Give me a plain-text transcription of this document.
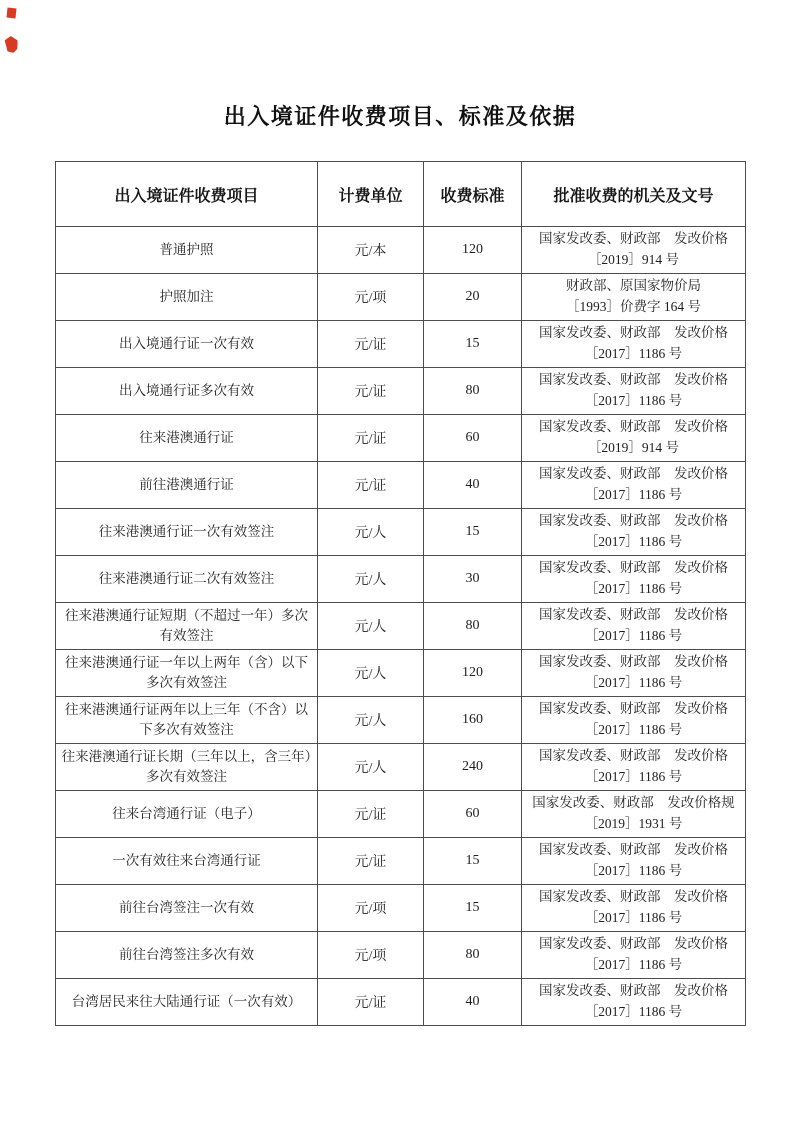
出入境证件收费项目、标准及依据
出入境证件收费项目	计费单位	收费标准	批准收费的机关及文号
普通护照	元/本	120	国家发改委、财政部　发改价格
［2019］914 号

护照加注	元/项	20	财政部、原国家物价局
［1993］价费字 164 号

出入境通行证一次有效	元/证	15	国家发改委、财政部　发改价格
［2017］1186 号

出入境通行证多次有效	元/证	80	国家发改委、财政部　发改价格
［2017］1186 号

往来港澳通行证	元/证	60	国家发改委、财政部　发改价格
［2019］914 号

前往港澳通行证	元/证	40	国家发改委、财政部　发改价格
［2017］1186 号

往来港澳通行证一次有效签注	元/人	15	国家发改委、财政部　发改价格
［2017］1186 号

往来港澳通行证二次有效签注	元/人	30	国家发改委、财政部　发改价格
［2017］1186 号

往来港澳通行证短期（不超过一年）多次有效签注	元/人	80	国家发改委、财政部　发改价格
［2017］1186 号

往来港澳通行证一年以上两年（含）以下多次有效签注	元/人	120	国家发改委、财政部　发改价格
［2017］1186 号

往来港澳通行证两年以上三年（不含）以下多次有效签注	元/人	160	国家发改委、财政部　发改价格
［2017］1186 号

往来港澳通行证长期（三年以上，含三年）多次有效签注	元/人	240	国家发改委、财政部　发改价格
［2017］1186 号

往来台湾通行证（电子）	元/证	60	国家发改委、财政部　发改价格规
［2019］1931 号

一次有效往来台湾通行证	元/证	15	国家发改委、财政部　发改价格
［2017］1186 号

前往台湾签注一次有效	元/项	15	国家发改委、财政部　发改价格
［2017］1186 号

前往台湾签注多次有效	元/项	80	国家发改委、财政部　发改价格
［2017］1186 号

台湾居民来往大陆通行证（一次有效）	元/证	40	国家发改委、财政部　发改价格
［2017］1186 号
